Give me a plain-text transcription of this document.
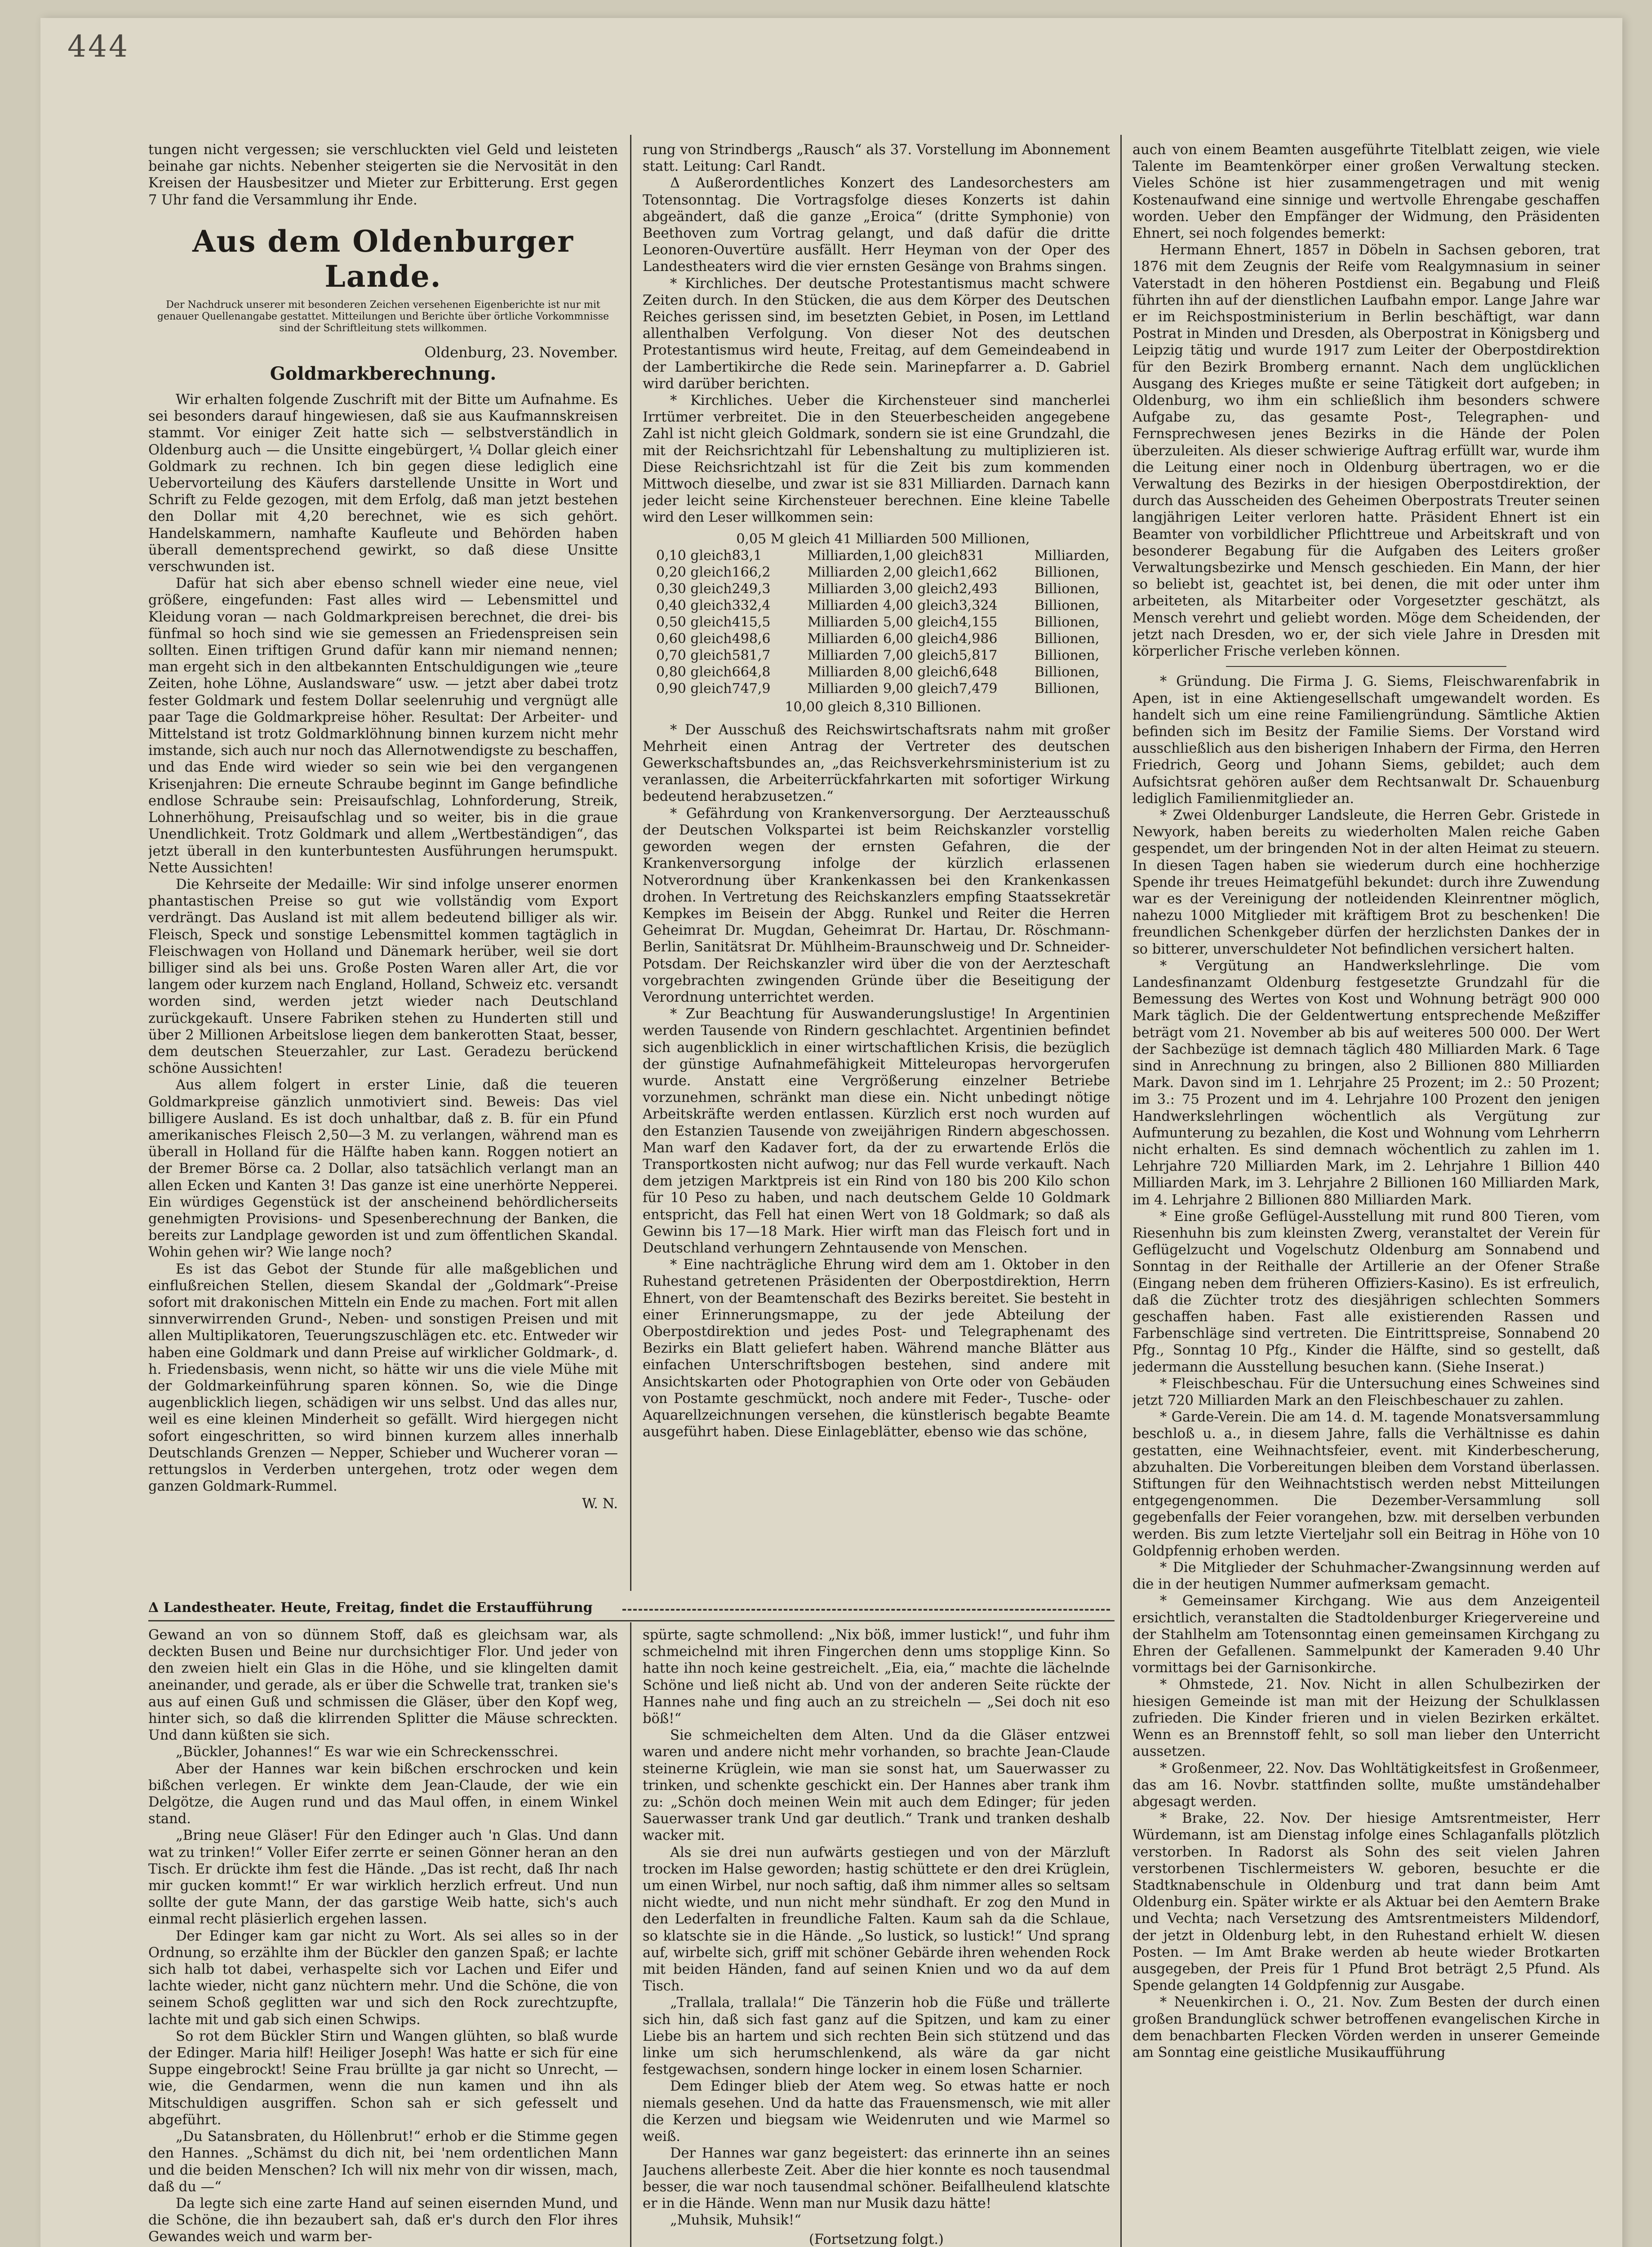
444

tungen nicht vergessen; sie verschluckten viel Geld und leisteten beinahe gar nichts. Nebenher steigerten sie die Nervosität in den Kreisen der Hausbesitzer und Mieter zur Erbitterung. Erst gegen 7 Uhr fand die Versammlung ihr Ende.

Aus dem Oldenburger Lande.
Der Nachdruck unserer mit besonderen Zeichen versehenen Eigenberichte ist nur mit genauer Quellenangabe gestattet. Mitteilungen und Berichte über örtliche Vorkommnisse sind der Schriftleitung stets willkommen.
Oldenburg, 23. November.
Goldmarkberechnung.

Wir erhalten folgende Zuschrift mit der Bitte um Aufnahme. Es sei besonders darauf hingewiesen, daß sie aus Kaufmannskreisen stammt. Vor einiger Zeit hatte sich — selbstverständlich in Oldenburg auch — die Unsitte eingebürgert, ¼ Dollar gleich einer Goldmark zu rechnen. Ich bin gegen diese lediglich eine Uebervorteilung des Käufers darstellende Unsitte in Wort und Schrift zu Felde gezogen, mit dem Erfolg, daß man jetzt bestehen den Dollar mit 4,20 berechnet, wie es sich gehört. Handelskammern, namhafte Kaufleute und Behörden haben überall dementsprechend gewirkt, so daß diese Unsitte verschwunden ist.

Dafür hat sich aber ebenso schnell wieder eine neue, viel größere, eingefunden: Fast alles wird — Lebensmittel und Kleidung voran — nach Goldmarkpreisen berechnet, die drei- bis fünfmal so hoch sind wie sie gemessen an Friedenspreisen sein sollten. Einen triftigen Grund dafür kann mir niemand nennen; man ergeht sich in den altbekannten Entschuldigungen wie „teure Zeiten, hohe Löhne, Auslandsware“ usw. — jetzt aber dabei trotz fester Goldmark und festem Dollar seelenruhig und vergnügt alle paar Tage die Goldmarkpreise höher. Resultat: Der Arbeiter- und Mittelstand ist trotz Goldmarklöhnung binnen kurzem nicht mehr imstande, sich auch nur noch das Allernotwendigste zu beschaffen, und das Ende wird wieder so sein wie bei den vergangenen Krisenjahren: Die erneute Schraube beginnt im Gange befindliche endlose Schraube sein: Preisaufschlag, Lohnforderung, Streik, Lohnerhöhung, Preisaufschlag und so weiter, bis in die graue Unendlichkeit. Trotz Goldmark und allem „Wertbeständigen“, das jetzt überall in den kunterbuntesten Ausführungen herumspukt. Nette Aussichten!

Die Kehrseite der Medaille: Wir sind infolge unserer enormen phantastischen Preise so gut wie vollständig vom Export verdrängt. Das Ausland ist mit allem bedeutend billiger als wir. Fleisch, Speck und sonstige Lebensmittel kommen tagtäglich in Fleischwagen von Holland und Dänemark herüber, weil sie dort billiger sind als bei uns. Große Posten Waren aller Art, die vor langem oder kurzem nach England, Holland, Schweiz etc. versandt worden sind, werden jetzt wieder nach Deutschland zurückgekauft. Unsere Fabriken stehen zu Hunderten still und über 2 Millionen Arbeitslose liegen dem bankerotten Staat, besser, dem deutschen Steuerzahler, zur Last. Geradezu berückend schöne Aussichten!

Aus allem folgert in erster Linie, daß die teueren Goldmarkpreise gänzlich unmotiviert sind. Beweis: Das viel billigere Ausland. Es ist doch unhaltbar, daß z. B. für ein Pfund amerikanisches Fleisch 2,50—3 M. zu verlangen, während man es überall in Holland für die Hälfte haben kann. Roggen notiert an der Bremer Börse ca. 2 Dollar, also tatsächlich verlangt man an allen Ecken und Kanten 3! Das ganze ist eine unerhörte Nepperei. Ein würdiges Gegenstück ist der anscheinend behördlicherseits genehmigten Provisions- und Spesenberechnung der Banken, die bereits zur Landplage geworden ist und zum öffentlichen Skandal. Wohin gehen wir? Wie lange noch?

Es ist das Gebot der Stunde für alle maßgeblichen und einflußreichen Stellen, diesem Skandal der „Goldmark“-Preise sofort mit drakonischen Mitteln ein Ende zu machen. Fort mit allen sinnverwirrenden Grund-, Neben- und sonstigen Preisen und mit allen Multiplikatoren, Teuerungszuschlägen etc. etc. Entweder wir haben eine Goldmark und dann Preise auf wirklicher Goldmark-, d. h. Friedensbasis, wenn nicht, so hätte wir uns die viele Mühe mit der Goldmarkeinführung sparen können. So, wie die Dinge augenblicklich liegen, schädigen wir uns selbst. Und das alles nur, weil es eine kleinen Minderheit so gefällt. Wird hiergegen nicht sofort eingeschritten, so wird binnen kurzem alles innerhalb Deutschlands Grenzen — Nepper, Schieber und Wucherer voran — rettungslos in Verderben untergehen, trotz oder wegen dem ganzen Goldmark-Rummel.

W. N.
Δ Landestheater. Heute, Freitag, findet die Erstaufführung

rung von Strindbergs „Rausch“ als 37. Vorstellung im Abonnement statt. Leitung: Carl Randt.

Δ Außerordentliches Konzert des Landesorchesters am Totensonntag. Die Vortragsfolge dieses Konzerts ist dahin abgeändert, daß die ganze „Eroica“ (dritte Symphonie) von Beethoven zum Vortrag gelangt, und daß dafür die dritte Leonoren-Ouvertüre ausfällt. Herr Heyman von der Oper des Landestheaters wird die vier ernsten Gesänge von Brahms singen.

* Kirchliches. Der deutsche Protestantismus macht schwere Zeiten durch. In den Stücken, die aus dem Körper des Deutschen Reiches gerissen sind, im besetzten Gebiet, in Posen, im Lettland allenthalben Verfolgung. Von dieser Not des deutschen Protestantismus wird heute, Freitag, auf dem Gemeindeabend in der Lambertikirche die Rede sein. Marinepfarrer a. D. Gabriel wird darüber berichten.

* Kirchliches. Ueber die Kirchensteuer sind mancherlei Irrtümer verbreitet. Die in den Steuerbescheiden angegebene Zahl ist nicht gleich Goldmark, sondern sie ist eine Grundzahl, die mit der Reichsrichtzahl für Lebenshaltung zu multiplizieren ist. Diese Reichsrichtzahl ist für die Zeit bis zum kommenden Mittwoch dieselbe, und zwar ist sie 831 Milliarden. Darnach kann jeder leicht seine Kirchensteuer berechnen. Eine kleine Tabelle wird den Leser willkommen sein:

0,05 M gleich 41 Milliarden 500 Millionen,
0,10 gleich 83,1	Milliarden, 1,00 gleich 831	Milliarden,
0,20 gleich 166,2	Milliarden 2,00 gleich 1,662	Billionen,
0,30 gleich 249,3	Milliarden 3,00 gleich 2,493	Billionen,
0,40 gleich 332,4	Milliarden 4,00 gleich 3,324	Billionen,
0,50 gleich 415,5	Milliarden 5,00 gleich 4,155	Billionen,
0,60 gleich 498,6	Milliarden 6,00 gleich 4,986	Billionen,
0,70 gleich 581,7	Milliarden 7,00 gleich 5,817	Billionen,
0,80 gleich 664,8	Milliarden 8,00 gleich 6,648	Billionen,
0,90 gleich 747,9	Milliarden 9,00 gleich 7,479	Billionen,
10,00 gleich 8,310 Billionen.

* Der Ausschuß des Reichswirtschaftsrats nahm mit großer Mehrheit einen Antrag der Vertreter des deutschen Gewerkschaftsbundes an, „das Reichsverkehrsministerium ist zu veranlassen, die Arbeiterrückfahrkarten mit sofortiger Wirkung bedeutend herabzusetzen.“

* Gefährdung von Krankenversorgung. Der Aerzteausschuß der Deutschen Volkspartei ist beim Reichskanzler vorstellig geworden wegen der ernsten Gefahren, die der Krankenversorgung infolge der kürzlich erlassenen Notverordnung über Krankenkassen bei den Krankenkassen drohen. In Vertretung des Reichskanzlers empfing Staatssekretär Kempkes im Beisein der Abgg. Runkel und Reiter die Herren Geheimrat Dr. Mugdan, Geheimrat Dr. Hartau, Dr. Röschmann-Berlin, Sanitätsrat Dr. Mühlheim-Braunschweig und Dr. Schneider-Potsdam. Der Reichskanzler wird über die von der Aerzteschaft vorgebrachten zwingenden Gründe über die Beseitigung der Verordnung unterrichtet werden.

* Zur Beachtung für Auswanderungslustige! In Argentinien werden Tausende von Rindern geschlachtet. Argentinien befindet sich augenblicklich in einer wirtschaftlichen Krisis, die bezüglich der günstige Aufnahmefähigkeit Mitteleuropas hervorgerufen wurde. Anstatt eine Vergrößerung einzelner Betriebe vorzunehmen, schränkt man diese ein. Nicht unbedingt nötige Arbeitskräfte werden entlassen. Kürzlich erst noch wurden auf den Estanzien Tausende von zweijährigen Rindern abgeschossen. Man warf den Kadaver fort, da der zu erwartende Erlös die Transportkosten nicht aufwog; nur das Fell wurde verkauft. Nach dem jetzigen Marktpreis ist ein Rind von 180 bis 200 Kilo schon für 10 Peso zu haben, und nach deutschem Gelde 10 Goldmark entspricht, das Fell hat einen Wert von 18 Goldmark; so daß als Gewinn bis 17—18 Mark. Hier wirft man das Fleisch fort und in Deutschland verhungern Zehntausende von Menschen.

* Eine nachträgliche Ehrung wird dem am 1. Oktober in den Ruhestand getretenen Präsidenten der Oberpostdirektion, Herrn Ehnert, von der Beamtenschaft des Bezirks bereitet. Sie besteht in einer Erinnerungsmappe, zu der jede Abteilung der Oberpostdirektion und jedes Post- und Telegraphenamt des Bezirks ein Blatt geliefert haben. Während manche Blätter aus einfachen Unterschriftsbogen bestehen, sind andere mit Ansichtskarten oder Photographien von Orte oder von Gebäuden von Postamte geschmückt, noch andere mit Feder-, Tusche- oder Aquarellzeichnungen versehen, die künstlerisch begabte Beamte ausgeführt haben. Diese Einlageblätter, ebenso wie das schöne,

auch von einem Beamten ausgeführte Titelblatt zeigen, wie viele Talente im Beamtenkörper einer großen Verwaltung stecken. Vieles Schöne ist hier zusammengetragen und mit wenig Kostenaufwand eine sinnige und wertvolle Ehrengabe geschaffen worden. Ueber den Empfänger der Widmung, den Präsidenten Ehnert, sei noch folgendes bemerkt:

Hermann Ehnert, 1857 in Döbeln in Sachsen geboren, trat 1876 mit dem Zeugnis der Reife vom Realgymnasium in seiner Vaterstadt in den höheren Postdienst ein. Begabung und Fleiß führten ihn auf der dienstlichen Laufbahn empor. Lange Jahre war er im Reichspostministerium in Berlin beschäftigt, war dann Postrat in Minden und Dresden, als Oberpostrat in Königsberg und Leipzig tätig und wurde 1917 zum Leiter der Oberpostdirektion für den Bezirk Bromberg ernannt. Nach dem unglücklichen Ausgang des Krieges mußte er seine Tätigkeit dort aufgeben; in Oldenburg, wo ihm ein schließlich ihm besonders schwere Aufgabe zu, das gesamte Post-, Telegraphen- und Fernsprechwesen jenes Bezirks in die Hände der Polen überzuleiten. Als dieser schwierige Auftrag erfüllt war, wurde ihm die Leitung einer noch in Oldenburg übertragen, wo er die Verwaltung des Bezirks in der hiesigen Oberpostdirektion, der durch das Ausscheiden des Geheimen Oberpostrats Treuter seinen langjährigen Leiter verloren hatte. Präsident Ehnert ist ein Beamter von vorbildlicher Pflichttreue und Arbeitskraft und von besonderer Begabung für die Aufgaben des Leiters großer Verwaltungsbezirke und Mensch geschieden. Ein Mann, der hier so beliebt ist, geachtet ist, bei denen, die mit oder unter ihm arbeiteten, als Mitarbeiter oder Vorgesetzter geschätzt, als Mensch verehrt und geliebt worden. Möge dem Scheidenden, der jetzt nach Dresden, wo er, der sich viele Jahre in Dresden mit körperlicher Frische verleben können.

* Gründung. Die Firma J. G. Siems, Fleischwarenfabrik in Apen, ist in eine Aktiengesellschaft umgewandelt worden. Es handelt sich um eine reine Familiengründung. Sämtliche Aktien befinden sich im Besitz der Familie Siems. Der Vorstand wird ausschließlich aus den bisherigen Inhabern der Firma, den Herren Friedrich, Georg und Johann Siems, gebildet; auch dem Aufsichtsrat gehören außer dem Rechtsanwalt Dr. Schauenburg lediglich Familienmitglieder an.

* Zwei Oldenburger Landsleute, die Herren Gebr. Gristede in Newyork, haben bereits zu wiederholten Malen reiche Gaben gespendet, um der bringenden Not in der alten Heimat zu steuern. In diesen Tagen haben sie wiederum durch eine hochherzige Spende ihr treues Heimatgefühl bekundet: durch ihre Zuwendung war es der Vereinigung der notleidenden Kleinrentner möglich, nahezu 1000 Mitglieder mit kräftigem Brot zu beschenken! Die freundlichen Schenkgeber dürfen der herzlichsten Dankes der in so bitterer, unverschuldeter Not befindlichen versichert halten.

* Vergütung an Handwerkslehrlinge. Die vom Landesfinanzamt Oldenburg festgesetzte Grundzahl für die Bemessung des Wertes von Kost und Wohnung beträgt 900 000 Mark täglich. Die der Geldentwertung entsprechende Meßziffer beträgt vom 21. November ab bis auf weiteres 500 000. Der Wert der Sachbezüge ist demnach täglich 480 Milliarden Mark. 6 Tage sind in Anrechnung zu bringen, also 2 Billionen 880 Milliarden Mark. Davon sind im 1. Lehrjahre 25 Prozent; im 2.: 50 Prozent; im 3.: 75 Prozent und im 4. Lehrjahre 100 Prozent den jenigen Handwerkslehrlingen wöchentlich als Vergütung zur Aufmunterung zu bezahlen, die Kost und Wohnung vom Lehrherrn nicht erhalten. Es sind demnach wöchentlich zu zahlen im 1. Lehrjahre 720 Milliarden Mark, im 2. Lehrjahre 1 Billion 440 Milliarden Mark, im 3. Lehrjahre 2 Billionen 160 Milliarden Mark, im 4. Lehrjahre 2 Billionen 880 Milliarden Mark.

* Eine große Geflügel-Ausstellung mit rund 800 Tieren, vom Riesenhuhn bis zum kleinsten Zwerg, veranstaltet der Verein für Geflügelzucht und Vogelschutz Oldenburg am Sonnabend und Sonntag in der Reithalle der Artillerie an der Ofener Straße (Eingang neben dem früheren Offiziers-Kasino). Es ist erfreulich, daß die Züchter trotz des diesjährigen schlechten Sommers geschaffen haben. Fast alle existierenden Rassen und Farbenschläge sind vertreten. Die Eintrittspreise, Sonnabend 20 Pfg., Sonntag 10 Pfg., Kinder die Hälfte, sind so gestellt, daß jedermann die Ausstellung besuchen kann. (Siehe Inserat.)

* Fleischbeschau. Für die Untersuchung eines Schweines sind jetzt 720 Milliarden Mark an den Fleischbeschauer zu zahlen.

* Garde-Verein. Die am 14. d. M. tagende Monatsversammlung beschloß u. a., in diesem Jahre, falls die Verhältnisse es dahin gestatten, eine Weihnachtsfeier, event. mit Kinderbescherung, abzuhalten. Die Vorbereitungen bleiben dem Vorstand überlassen. Stiftungen für den Weihnachtstisch werden nebst Mitteilungen entgegengenommen. Die Dezember-Versammlung soll gegebenfalls der Feier vorangehen, bzw. mit derselben verbunden werden. Bis zum letzte Vierteljahr soll ein Beitrag in Höhe von 10 Goldpfennig erhoben werden.

* Die Mitglieder der Schuhmacher-Zwangsinnung werden auf die in der heutigen Nummer aufmerksam gemacht.

* Gemeinsamer Kirchgang. Wie aus dem Anzeigenteil ersichtlich, veranstalten die Stadtoldenburger Kriegervereine und der Stahlhelm am Totensonntag einen gemeinsamen Kirchgang zu Ehren der Gefallenen. Sammelpunkt der Kameraden 9.40 Uhr vormittags bei der Garnisonkirche.

* Ohmstede, 21. Nov. Nicht in allen Schulbezirken der hiesigen Gemeinde ist man mit der Heizung der Schulklassen zufrieden. Die Kinder frieren und in vielen Bezirken erkältet. Wenn es an Brennstoff fehlt, so soll man lieber den Unterricht aussetzen.

* Großenmeer, 22. Nov. Das Wohltätigkeitsfest in Großenmeer, das am 16. Novbr. stattfinden sollte, mußte umständehalber abgesagt werden.

* Brake, 22. Nov. Der hiesige Amtsrentmeister, Herr Würdemann, ist am Dienstag infolge eines Schlaganfalls plötzlich verstorben. In Radorst als Sohn des seit vielen Jahren verstorbenen Tischlermeisters W. geboren, besuchte er die Stadtknabenschule in Oldenburg und trat dann beim Amt Oldenburg ein. Später wirkte er als Aktuar bei den Aemtern Brake und Vechta; nach Versetzung des Amtsrentmeisters Mildendorf, der jetzt in Oldenburg lebt, in den Ruhestand erhielt W. diesen Posten. — Im Amt Brake werden ab heute wieder Brotkarten ausgegeben, der Preis für 1 Pfund Brot beträgt 2,5 Pfund. Als Spende gelangten 14 Goldpfennig zur Ausgabe.

* Neuenkirchen i. O., 21. Nov. Zum Besten der durch einen großen Brandunglück schwer betroffenen evangelischen Kirche in dem benachbarten Flecken Vörden werden in unserer Gemeinde am Sonntag eine geistliche Musikaufführung

Gewand an von so dünnem Stoff, daß es gleichsam war, als deckten Busen und Beine nur durchsichtiger Flor. Und jeder von den zweien hielt ein Glas in die Höhe, und sie klingelten damit aneinander, und gerade, als er über die Schwelle trat, tranken sie's aus auf einen Guß und schmissen die Gläser, über den Kopf weg, hinter sich, so daß die klirrenden Splitter die Mäuse schreckten. Und dann küßten sie sich.

„Bückler, Johannes!“ Es war wie ein Schreckensschrei.

Aber der Hannes war kein bißchen erschrocken und kein bißchen verlegen. Er winkte dem Jean-Claude, der wie ein Delgötze, die Augen rund und das Maul offen, in einem Winkel stand.

„Bring neue Gläser! Für den Edinger auch 'n Glas. Und dann wat zu trinken!“ Voller Eifer zerrte er seinen Gönner heran an den Tisch. Er drückte ihm fest die Hände. „Das ist recht, daß Ihr nach mir gucken kommt!“ Er war wirklich herzlich erfreut. Und nun sollte der gute Mann, der das garstige Weib hatte, sich's auch einmal recht pläsierlich ergehen lassen.

Der Edinger kam gar nicht zu Wort. Als sei alles so in der Ordnung, so erzählte ihm der Bückler den ganzen Spaß; er lachte sich halb tot dabei, verhaspelte sich vor Lachen und Eifer und lachte wieder, nicht ganz nüchtern mehr. Und die Schöne, die von seinem Schoß geglitten war und sich den Rock zurechtzupfte, lachte mit und gab sich einen Schwips.

So rot dem Bückler Stirn und Wangen glühten, so blaß wurde der Edinger. Maria hilf! Heiliger Joseph! Was hatte er sich für eine Suppe eingebrockt! Seine Frau brüllte ja gar nicht so Unrecht, — wie, die Gendarmen, wenn die nun kamen und ihn als Mitschuldigen ausgriffen. Schon sah er sich gefesselt und abgeführt.

„Du Satansbraten, du Höllenbrut!“ erhob er die Stimme gegen den Hannes. „Schämst du dich nit, bei 'nem ordentlichen Mann und die beiden Menschen? Ich will nix mehr von dir wissen, mach, daß du —“

Da legte sich eine zarte Hand auf seinen eisernden Mund, und die Schöne, die ihn bezaubert sah, daß er's durch den Flor ihres Gewandes weich und warm ber-

spürte, sagte schmollend: „Nix böß, immer lustick!“, und fuhr ihm schmeichelnd mit ihren Fingerchen denn ums stopplige Kinn. So hatte ihn noch keine gestreichelt. „Eia, eia,“ machte die lächelnde Schöne und ließ nicht ab. Und von der anderen Seite rückte der Hannes nahe und fing auch an zu streicheln — „Sei doch nit eso böß!“

Sie schmeichelten dem Alten. Und da die Gläser entzwei waren und andere nicht mehr vorhanden, so brachte Jean-Claude steinerne Krüglein, wie man sie sonst hat, um Sauerwasser zu trinken, und schenkte geschickt ein. Der Hannes aber trank ihm zu: „Schön doch meinen Wein mit auch dem Edinger; für jeden Sauerwasser trank Und gar deutlich.“ Trank und tranken deshalb wacker mit.

Als sie drei nun aufwärts gestiegen und von der Märzluft trocken im Halse geworden; hastig schüttete er den drei Krüglein, um einen Wirbel, nur noch saftig, daß ihm nimmer alles so seltsam nicht wiedte, und nun nicht mehr sündhaft. Er zog den Mund in den Lederfalten in freundliche Falten. Kaum sah da die Schlaue, so klatschte sie in die Hände. „So lustick, so lustick!“ Und sprang auf, wirbelte sich, griff mit schöner Gebärde ihren wehenden Rock mit beiden Händen, fand auf seinen Knien und wo da auf dem Tisch.

„Trallala, trallala!“ Die Tänzerin hob die Füße und trällerte sich hin, daß sich fast ganz auf die Spitzen, und kam zu einer Liebe bis an hartem und sich rechten Bein sich stützend und das linke um sich herumschlenkend, als wäre da gar nicht festgewachsen, sondern hinge locker in einem losen Scharnier.

Dem Edinger blieb der Atem weg. So etwas hatte er noch niemals gesehen. Und da hatte das Frauensmensch, wie mit aller die Kerzen und biegsam wie Weidenruten und wie Marmel so weiß.

Der Hannes war ganz begeistert: das erinnerte ihn an seines Jauchens allerbeste Zeit. Aber die hier konnte es noch tausendmal besser, die war noch tausendmal schöner. Beifallheulend klatschte er in die Hände. Wenn man nur Musik dazu hätte!

„Muhsik, Muhsik!“

(Fortsetzung folgt.)
